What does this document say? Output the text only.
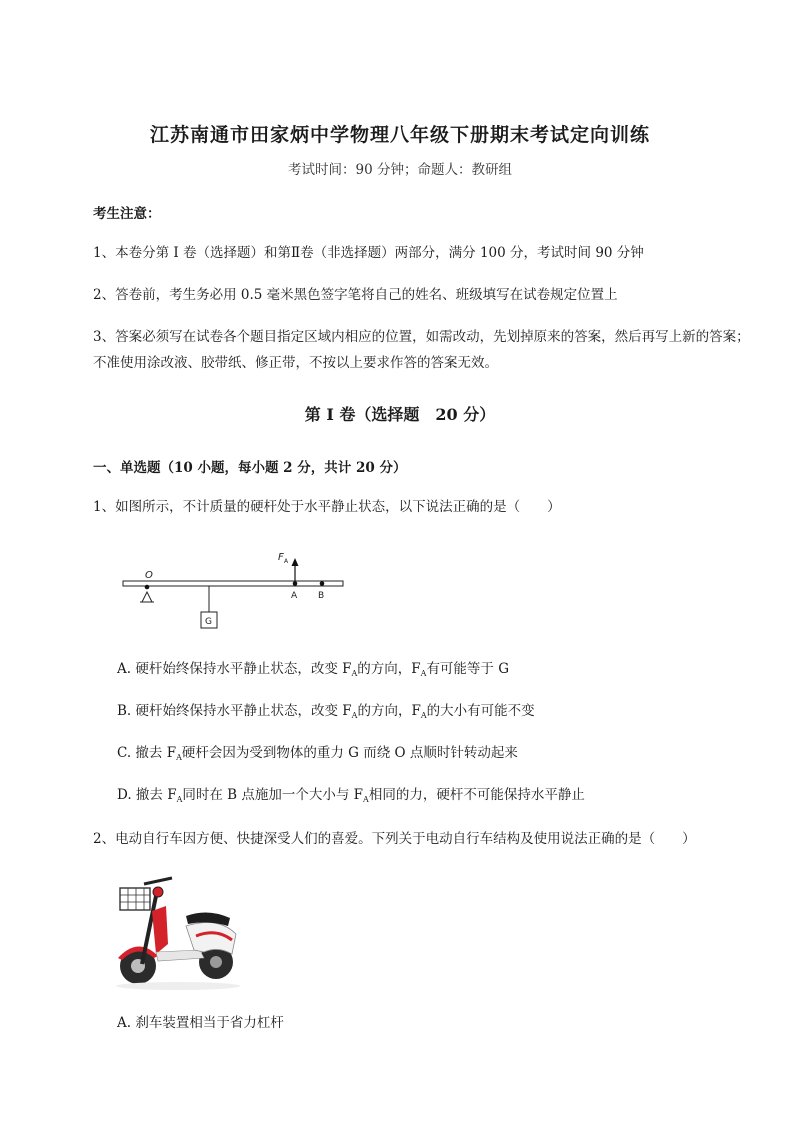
江苏南通市田家炳中学物理八年级下册期末考试定向训练
考试时间：90 分钟；命题人：教研组
考生注意：
1、本卷分第 I 卷（选择题）和第Ⅱ卷（非选择题）两部分，满分 100 分，考试时间 90 分钟
2、答卷前，考生务必用 0.5 毫米黑色签字笔将自己的姓名、班级填写在试卷规定位置上
3、答案必须写在试卷各个题目指定区域内相应的位置，如需改动，先划掉原来的答案，然后再写上新的答案；不准使用涂改液、胶带纸、修正带，不按以上要求作答的答案无效。
第 I 卷（选择题　20 分）
一、单选题（10 小题，每小题 2 分，共计 20 分）
1、如图所示，不计质量的硬杆处于水平静止状态，以下说法正确的是（　　）
O
F A
A B
G
A. 硬杆始终保持水平静止状态，改变 $F_A$的方向，$F_A$有可能等于 G
B. 硬杆始终保持水平静止状态，改变 $F_A$的方向，$F_A$的大小有可能不变
C. 撤去 $F_A$硬杆会因为受到物体的重力 G 而绕 O 点顺时针转动起来
D. 撤去 $F_A$同时在 B 点施加一个大小与 $F_A$相同的力，硬杆不可能保持水平静止
2、电动自行车因方便、快捷深受人们的喜爱。下列关于电动自行车结构及使用说法正确的是（　　）
A. 刹车装置相当于省力杠杆
